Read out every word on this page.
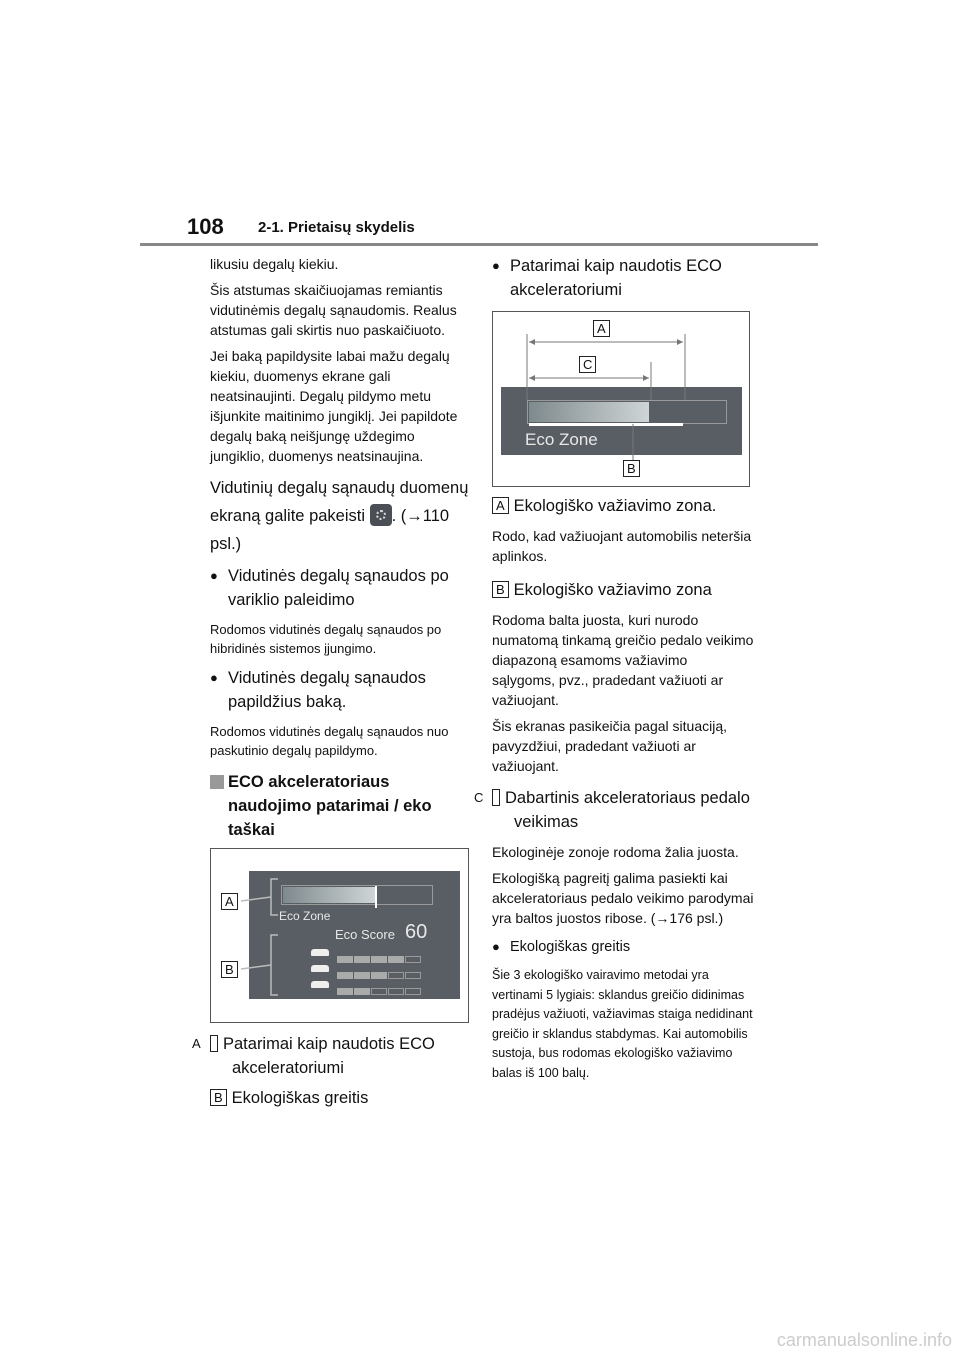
108 2-1. Prietaisų skydelis

likusiu degalų kiekiu.

Šis atstumas skaičiuojamas remiantis vidutinėmis degalų sąnaudomis. Realus atstumas gali skirtis nuo paskaičiuoto.

Jei baką papildysite labai mažu degalų kiekiu, duomenys ekrane gali neatsinaujinti. Degalų pildymo metu išjunkite maitinimo jungiklį. Jei papildote degalų baką neišjungę uždegimo jungiklio, duomenys neatsinaujina.

Vidutinių degalų sąnaudų duomenų ekraną galite pakeisti . (→110 psl.)

● Vidutinės degalų sąnaudos po variklio paleidimo

Rodomos vidutinės degalų sąnaudos po hibridinės sistemos įjungimo.

● Vidutinės degalų sąnaudos papildžius baką.

Rodomos vidutinės degalų sąnaudos nuo paskutinio degalų papildymo.

ECO akceleratoriaus naudojimo patarimai / eko taškai
Eco Zone
Eco Score 60
A
B

A Patarimai kaip naudotis ECO akceleratoriumi

B Ekologiškas greitis

● Patarimai kaip naudotis ECO akceleratoriumi
Eco Zone
A
C
B

A Ekologiško važiavimo zona.

Rodo, kad važiuojant automobilis neteršia aplinkos.

B Ekologiško važiavimo zona

Rodoma balta juosta, kuri nurodo numatomą tinkamą greičio pedalo veikimo diapazoną esamoms važiavimo sąlygoms, pvz., pradedant važiuoti ar važiuojant.

Šis ekranas pasikeičia pagal situaciją, pavyzdžiui, pradedant važiuoti ar važiuojant.

C Dabartinis akceleratoriaus pedalo veikimas

Ekologinėje zonoje rodoma žalia juosta.

Ekologišką pagreitį galima pasiekti kai akceleratoriaus pedalo veikimo parodymai yra baltos juostos ribose. (→176 psl.)

● Ekologiškas greitis

Šie 3 ekologiško vairavimo metodai yra vertinami 5 lygiais: sklandus greičio didinimas pradėjus važiuoti, važiavimas staiga nedidinant greičio ir sklandus stabdymas. Kai automobilis sustoja, bus rodomas ekologiško važiavimo balas iš 100 balų.

carmanualsonline.info
